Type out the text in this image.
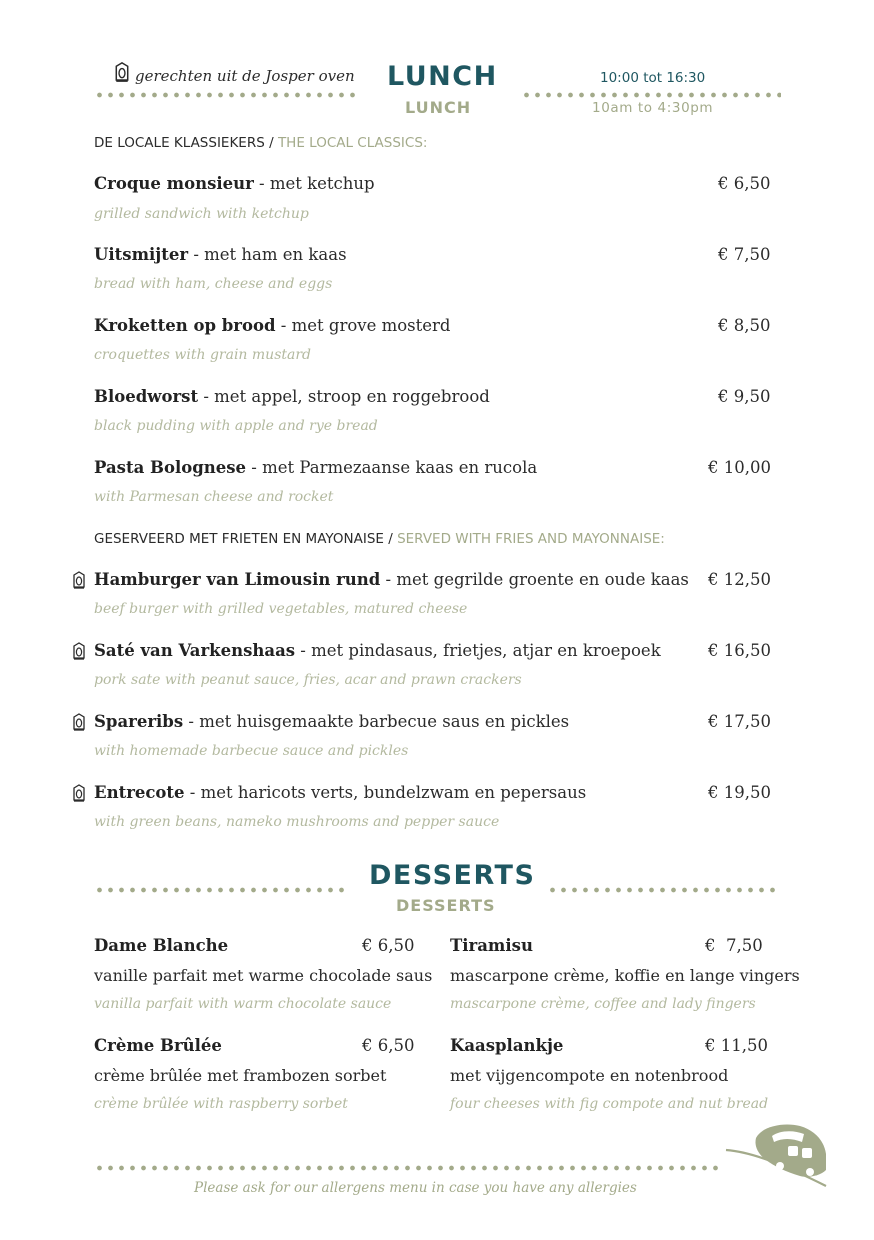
gerechten uit de Josper oven LUNCH
LUNCH
10:00 tot 16:30
10am to 4:30pm
DE LOCALE KLASSIEKERS / THE LOCAL CLASSICS:
Croque monsieur - met ketchup	€ 6,50
grilled sandwich with ketchup
Uitsmijter - met ham en kaas	€ 7,50
bread with ham, cheese and eggs
Kroketten op brood - met grove mosterd	€ 8,50
croquettes with grain mustard
Bloedworst - met appel, stroop en roggebrood	€ 9,50
black pudding with apple and rye bread
Pasta Bolognese - met Parmezaanse kaas en rucola	€ 10,00
with Parmesan cheese and rocket
GESERVEERD MET FRIETEN EN MAYONAISE / SERVED WITH FRIES AND MAYONNAISE:
Hamburger van Limousin rund - met gegrilde groente en oude kaas € 12,50
beef burger with grilled vegetables, matured cheese
Saté van Varkenshaas - met pindasaus, frietjes, atjar en kroepoek	€ 16,50
pork sate with peanut sauce, fries, acar and prawn crackers
Spareribs - met huisgemaakte barbecue saus en pickles	€ 17,50
with homemade barbecue sauce and pickles
Entrecote - met haricots verts, bundelzwam en pepersaus	€ 19,50
with green beans, nameko mushrooms and pepper sauce
DESSERTS
DESSERTS
Dame Blanche	€ 6,50
vanille parfait met warme chocolade saus
vanilla parfait with warm chocolate sauce
Tiramisu	€  7,50
mascarpone crème, koffie en lange vingers
mascarpone crème, coffee and lady fingers
Crème Brûlée	€ 6,50
crème brûlée met frambozen sorbet
crème brûlée with raspberry sorbet
Kaasplankje	€ 11,50
met vijgencompote en notenbrood
four cheeses with fig compote and nut bread
Please ask for our allergens menu in case you have any allergies
